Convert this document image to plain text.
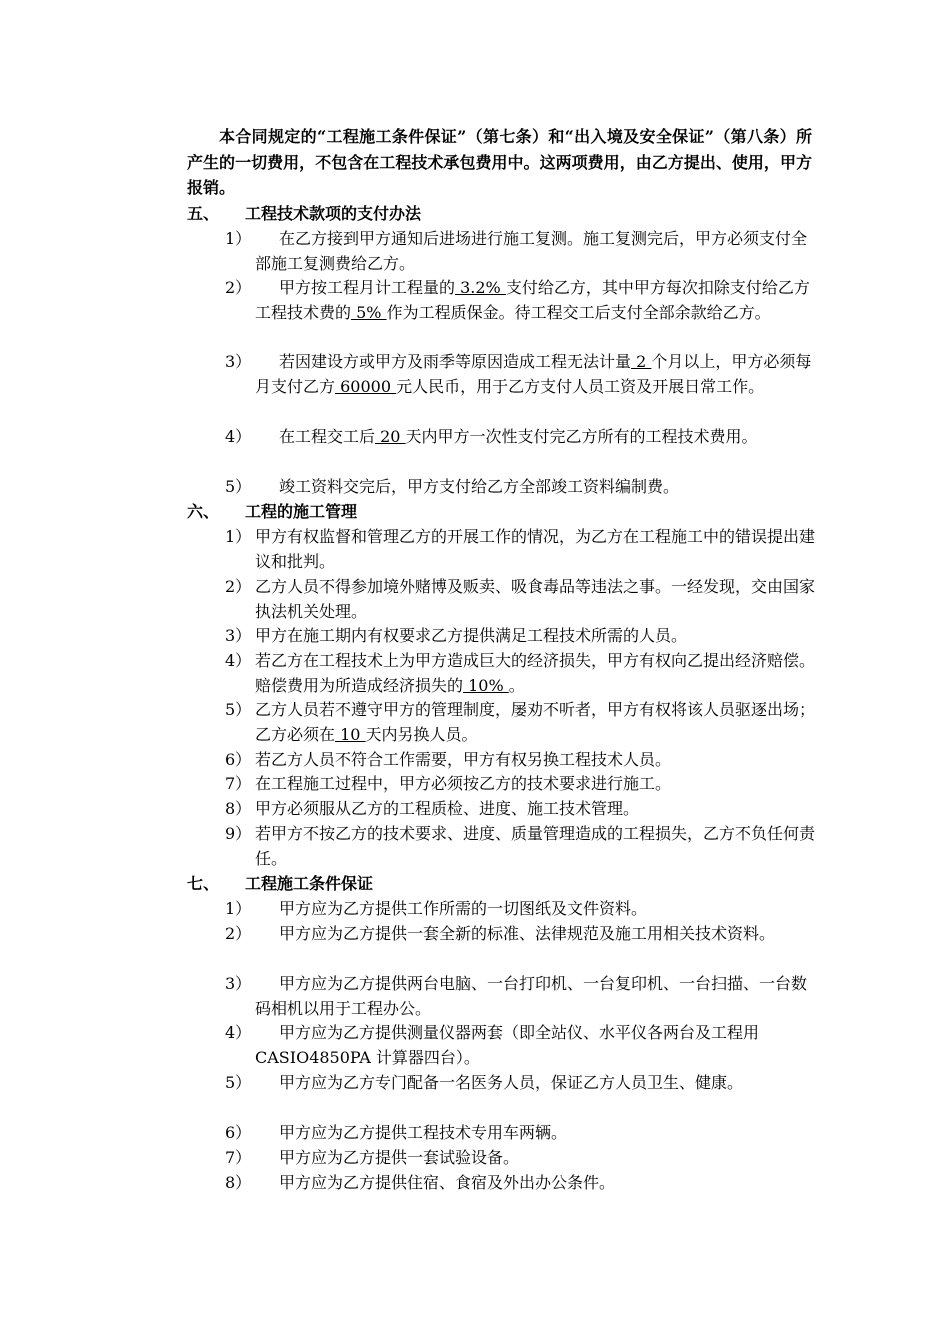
本合同规定的“工程施工条件保证”（第七条）和“出入境及安全保证”（第八条）所产生的一切费用，不包含在工程技术承包费用中。这两项费用，由乙方提出、使用，甲方报销。

五、 工程技术款项的支付办法
1）	在乙方接到甲方通知后进场进行施工复测。施工复测完后，甲方必须支付全部施工复测费给乙方。
2）	甲方按工程月计工程量的 3.2% 支付给乙方，其中甲方每次扣除支付给乙方工程技术费的 5% 作为工程质保金。待工程交工后支付全部余款给乙方。
3）	若因建设方或甲方及雨季等原因造成工程无法计量 2 个月以上，甲方必须每月支付乙方 60000 元人民币，用于乙方支付人员工资及开展日常工作。
4）	在工程交工后 20 天内甲方一次性支付完乙方所有的工程技术费用。
5）	竣工资料交完后，甲方支付给乙方全部竣工资料编制费。
六、 工程的施工管理
1） 甲方有权监督和管理乙方的开展工作的情况，为乙方在工程施工中的错误提出建议和批判。
2） 乙方人员不得参加境外赌博及贩卖、吸食毒品等违法之事。一经发现，交由国家执法机关处理。
3） 甲方在施工期内有权要求乙方提供满足工程技术所需的人员。
4） 若乙方在工程技术上为甲方造成巨大的经济损失，甲方有权向乙提出经济赔偿。赔偿费用为所造成经济损失的 10% 。
5） 乙方人员若不遵守甲方的管理制度，屡劝不听者，甲方有权将该人员驱逐出场；乙方必须在 10 天内另换人员。
6） 若乙方人员不符合工作需要，甲方有权另换工程技术人员。
7） 在工程施工过程中，甲方必须按乙方的技术要求进行施工。
8） 甲方必须服从乙方的工程质检、进度、施工技术管理。
9） 若甲方不按乙方的技术要求、进度、质量管理造成的工程损失，乙方不负任何责任。
七、 工程施工条件保证
1）	甲方应为乙方提供工作所需的一切图纸及文件资料。
2）	甲方应为乙方提供一套全新的标准、法律规范及施工用相关技术资料。
3）	甲方应为乙方提供两台电脑、一台打印机、一台复印机、一台扫描、一台数码相机以用于工程办公。
4）	甲方应为乙方提供测量仪器两套（即全站仪、水平仪各两台及工程用 CASIO4850PA 计算器四台）。
5）	甲方应为乙方专门配备一名医务人员，保证乙方人员卫生、健康。
6）	甲方应为乙方提供工程技术专用车两辆。
7）	甲方应为乙方提供一套试验设备。
8）	甲方应为乙方提供住宿、食宿及外出办公条件。
